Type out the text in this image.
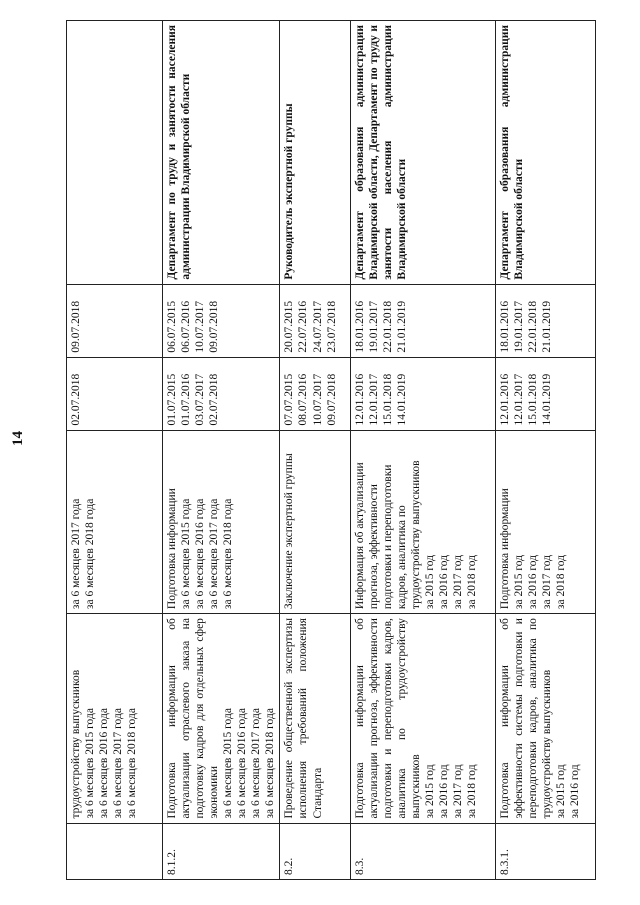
14

	трудоустройству выпускников за 6 месяцев 2015 года за 6 месяцев 2016 года за 6 месяцев 2017 года за 6 месяцев 2018 года	за 6 месяцев 2017 года за 6 месяцев 2018 года	02.07.2018	09.07.2018	

8.1.2.	Подготовка информации об актуализации отраслевого заказа на подготовку кадров для отдельных сфер экономики за 6 месяцев 2015 года за 6 месяцев 2016 года за 6 месяцев 2017 года за 6 месяцев 2018 года	Подготовка информации за 6 месяцев 2015 года за 6 месяцев 2016 года за 6 месяцев 2017 года за 6 месяцев 2018 года	01.07.2015 01.07.2016 03.07.2017 02.07.2018	06.07.2015 06.07.2016 10.07.2017 09.07.2018	Департамент по труду и занятости населения администрации Владимирской области

8.2.	Проведение общественной экспертизы исполнения требований положения Стандарта	Заключение экспертной группы	07.07.2015 08.07.2016 10.07.2017 09.07.2018	20.07.2015 22.07.2016 24.07.2017 23.07.2018	Руководитель экспертной группы

8.3.	Подготовка информации об актуализации прогноза, эффективности подготовки и переподготовки кадров, аналитика по трудоустройству выпускников за 2015 год за 2016 год за 2017 год за 2018 год	Информация об актуализации прогноза, эффективности подготовки и переподготовки кадров, аналитика по трудоустройству выпускников за 2015 год за 2016 год за 2017 год за 2018 год	12.01.2016 12.01.2017 15.01.2018 14.01.2019	18.01.2016 19.01.2017 22.01.2018 21.01.2019	Департамент образования администрации Владимирской области, Департамент по труду и занятости населения администрации Владимирской области

8.3.1.	Подготовка информации об эффективности системы подготовки и переподготовки кадров, аналитика по трудоустройству выпускников за 2015 год за 2016 год	Подготовка информации за 2015 год за 2016 год за 2017 год за 2018 год	12.01.2016 12.01.2017 15.01.2018 14.01.2019	18.01.2016 19.01.2017 22.01.2018 21.01.2019	Департамент образования администрации Владимирской области
